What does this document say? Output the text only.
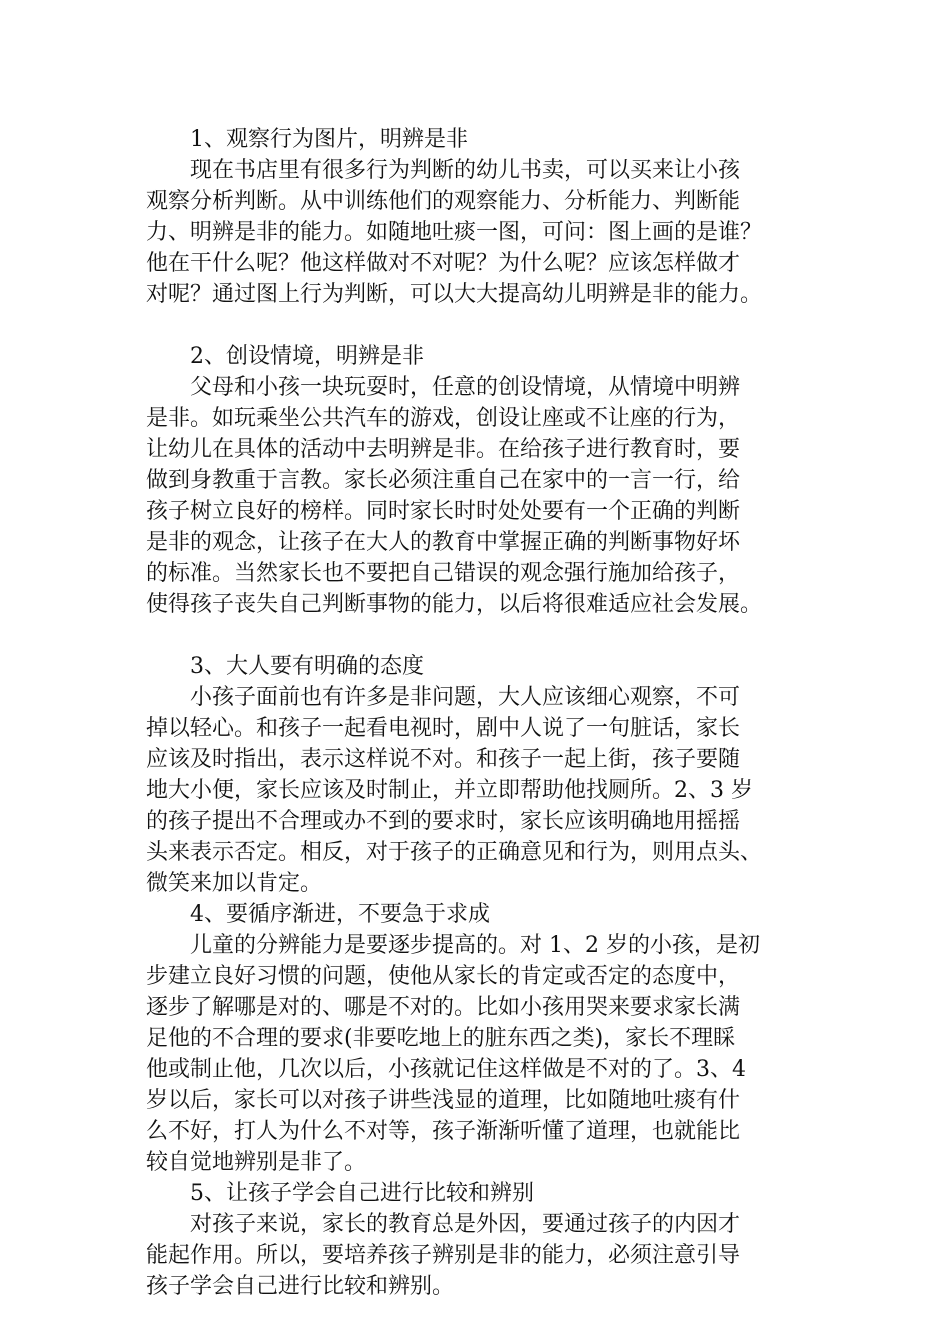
1、观察行为图片，明辨是非

现在书店里有很多行为判断的幼儿书卖，可以买来让小孩

观察分析判断。从中训练他们的观察能力、分析能力、判断能

力、明辨是非的能力。如随地吐痰一图，可问：图上画的是谁？

他在干什么呢？他这样做对不对呢？为什么呢？应该怎样做才

对呢？通过图上行为判断，可以大大提高幼儿明辨是非的能力。

2、创设情境，明辨是非

父母和小孩一块玩耍时，任意的创设情境，从情境中明辨

是非。如玩乘坐公共汽车的游戏，创设让座或不让座的行为，

让幼儿在具体的活动中去明辨是非。在给孩子进行教育时，要

做到身教重于言教。家长必须注重自己在家中的一言一行，给

孩子树立良好的榜样。同时家长时时处处要有一个正确的判断

是非的观念，让孩子在大人的教育中掌握正确的判断事物好坏

的标准。当然家长也不要把自己错误的观念强行施加给孩子，

使得孩子丧失自己判断事物的能力，以后将很难适应社会发展。

3、大人要有明确的态度

小孩子面前也有许多是非问题，大人应该细心观察，不可

掉以轻心。和孩子一起看电视时，剧中人说了一句脏话，家长

应该及时指出，表示这样说不对。和孩子一起上街，孩子要随

地大小便，家长应该及时制止，并立即帮助他找厕所。2、3 岁

的孩子提出不合理或办不到的要求时，家长应该明确地用摇摇

头来表示否定。相反，对于孩子的正确意见和行为，则用点头、

微笑来加以肯定。

4、要循序渐进，不要急于求成

儿童的分辨能力是要逐步提高的。对 1、2 岁的小孩，是初

步建立良好习惯的问题，使他从家长的肯定或否定的态度中，

逐步了解哪是对的、哪是不对的。比如小孩用哭来要求家长满

足他的不合理的要求(非要吃地上的脏东西之类)，家长不理睬

他或制止他，几次以后，小孩就记住这样做是不对的了。3、4

岁以后，家长可以对孩子讲些浅显的道理，比如随地吐痰有什

么不好，打人为什么不对等，孩子渐渐听懂了道理，也就能比

较自觉地辨别是非了。

5、让孩子学会自己进行比较和辨别

对孩子来说，家长的教育总是外因，要通过孩子的内因才

能起作用。所以，要培养孩子辨别是非的能力，必须注意引导

孩子学会自己进行比较和辨别。
